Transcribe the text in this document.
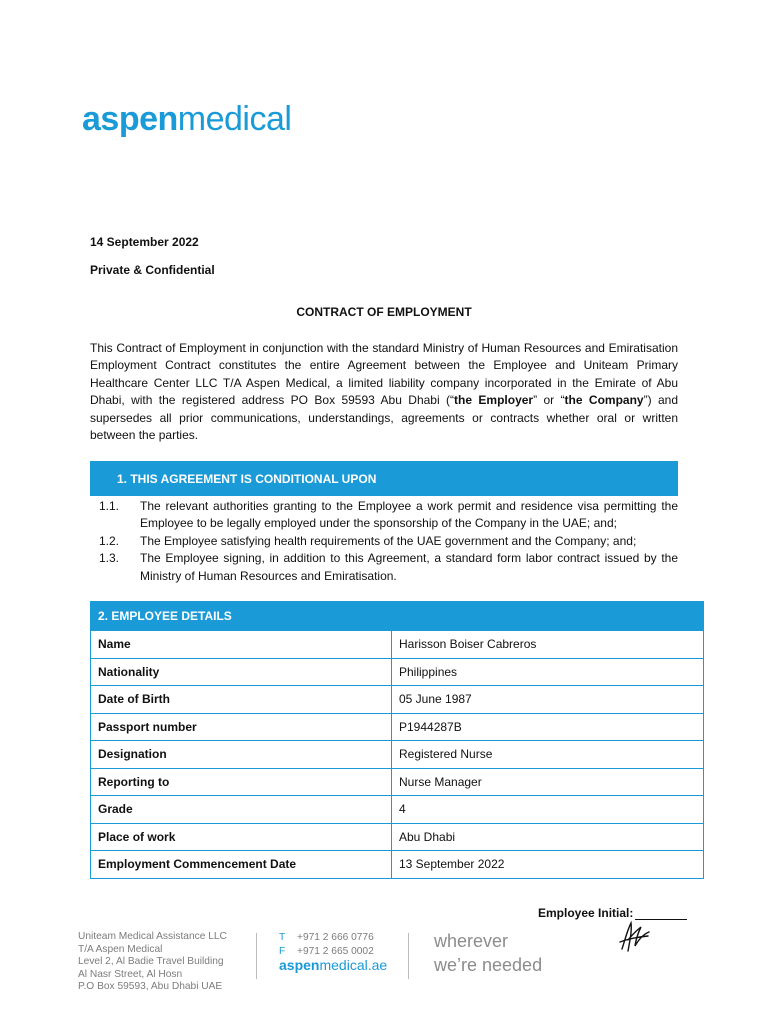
aspenmedical
14 September 2022
Private & Confidential
CONTRACT OF EMPLOYMENT
This Contract of Employment in conjunction with the standard Ministry of Human Resources and Emiratisation Employment Contract constitutes the entire Agreement between the Employee and Uniteam Primary Healthcare Center LLC T/A Aspen Medical, a limited liability company incorporated in the Emirate of Abu Dhabi, with the registered address PO Box 59593 Abu Dhabi (“the Employer” or “the Company”) and supersedes all prior communications, understandings, agreements or contracts whether oral or written between the parties.
1. THIS AGREEMENT IS CONDITIONAL UPON
1.1.	The relevant authorities granting to the Employee a work permit and residence visa permitting the Employee to be legally employed under the sponsorship of the Company in the UAE; and;
1.2.	The Employee satisfying health requirements of the UAE government and the Company; and;
1.3.	The Employee signing, in addition to this Agreement, a standard form labor contract issued by the Ministry of Human Resources and Emiratisation.
2. EMPLOYEE DETAILS	
Name	Harisson Boiser Cabreros
Nationality	Philippines
Date of Birth	05 June 1987
Passport number	P1944287B
Designation	Registered Nurse
Reporting to	Nurse Manager
Grade	4
Place of work	Abu Dhabi
Employment Commencement Date	13 September 2022
Employee Initial:
Uniteam Medical Assistance LLC
T/A Aspen Medical
Level 2, Al Badie Travel Building
Al Nasr Street, Al Hosn
P.O Box 59593, Abu Dhabi UAE
T +971 2 666 0776
F +971 2 665 0002
aspenmedical.ae
wherever
we’re needed
